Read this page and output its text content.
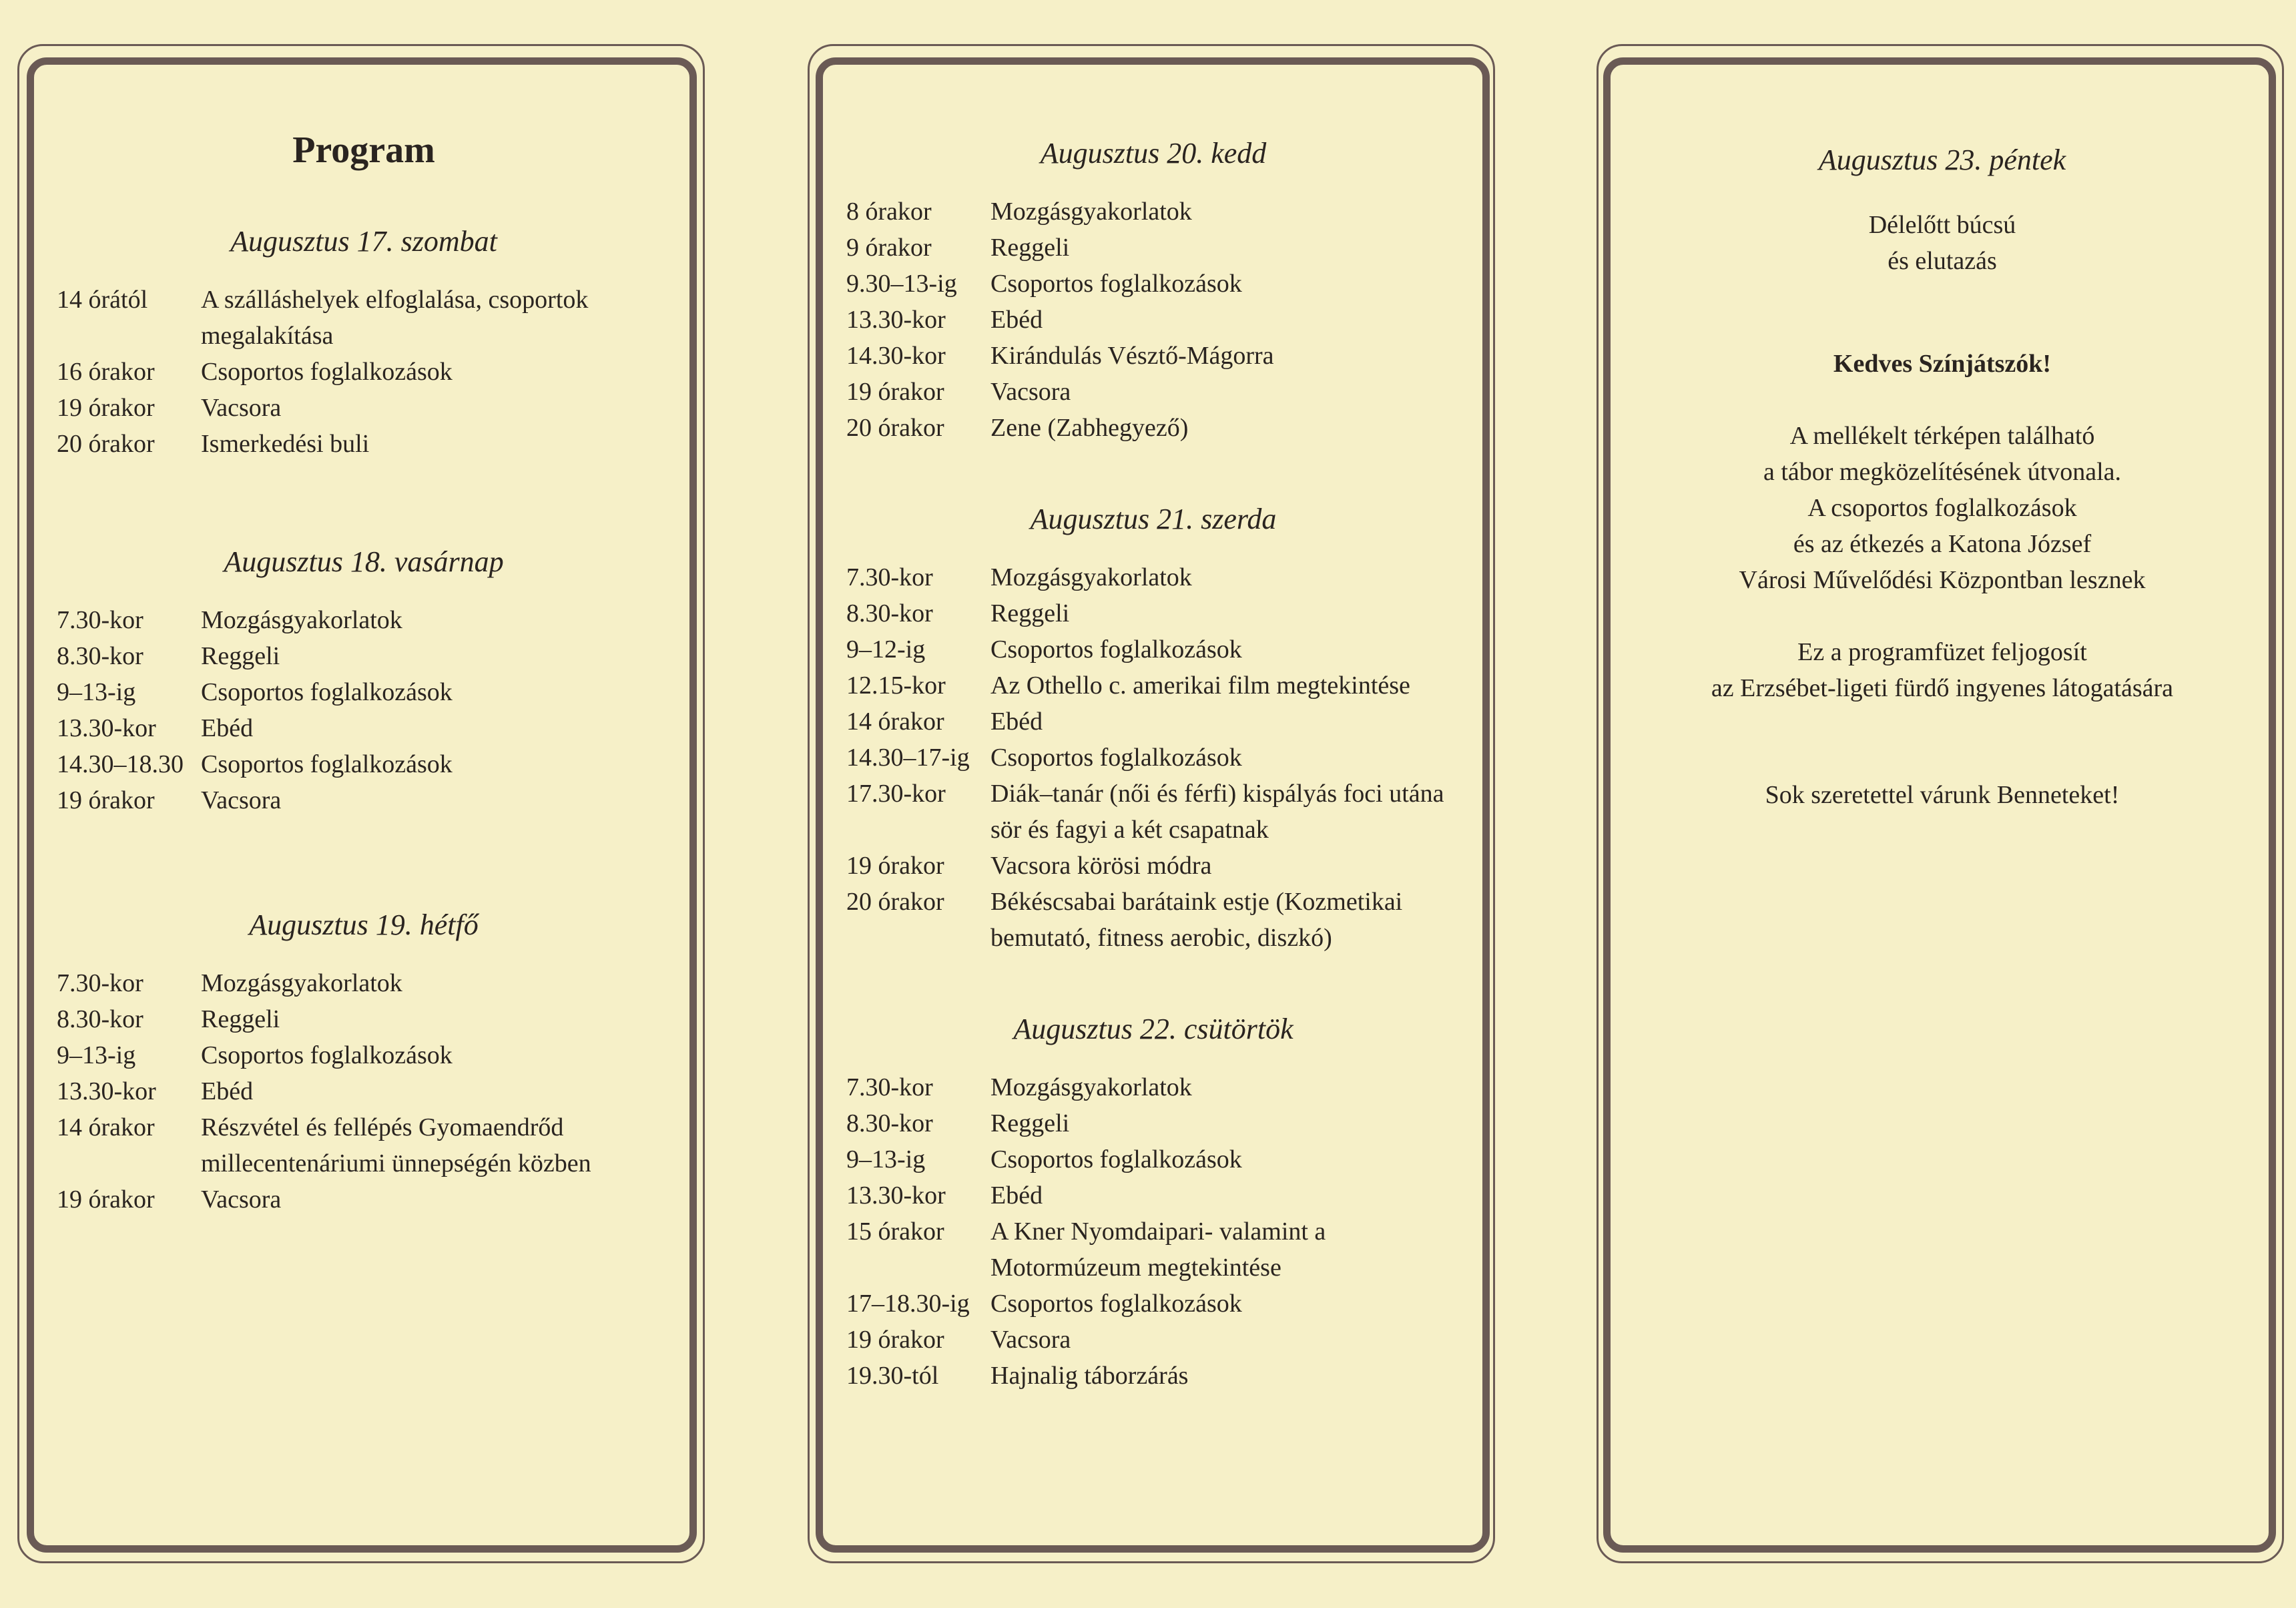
Program
Augusztus 17. szombat
14 órától	A szálláshelyek elfoglalása, csoportok megalakítása
16 órakor	Csoportos foglalkozások
19 órakor	Vacsora
20 órakor	Ismerkedési buli
Augusztus 18. vasárnap
7.30-kor	Mozgásgyakorlatok
8.30-kor	Reggeli
9–13-ig	Csoportos foglalkozások
13.30-kor	Ebéd
14.30–18.30	Csoportos foglalkozások
19 órakor	Vacsora
Augusztus 19. hétfő
7.30-kor	Mozgásgyakorlatok
8.30-kor	Reggeli
9–13-ig	Csoportos foglalkozások
13.30-kor	Ebéd
14 órakor	Részvétel és fellépés Gyomaendrőd millecentenáriumi ünnepségén közben
19 órakor	Vacsora
Augusztus 20. kedd
8 órakor	Mozgásgyakorlatok
9 órakor	Reggeli
9.30–13-ig	Csoportos foglalkozások
13.30-kor	Ebéd
14.30-kor	Kirándulás Vésztő-Mágorra
19 órakor	Vacsora
20 órakor	Zene (Zabhegyező)
Augusztus 21. szerda
7.30-kor	Mozgásgyakorlatok
8.30-kor	Reggeli
9–12-ig	Csoportos foglalkozások
12.15-kor	Az Othello c. amerikai film megtekintése
14 órakor	Ebéd
14.30–17-ig	Csoportos foglalkozások
17.30-kor	Diák–tanár (női és férfi) kispályás foci utána sör és fagyi a két csapatnak
19 órakor	Vacsora körösi módra
20 órakor	Békéscsabai barátaink estje (Kozmetikai bemutató, fitness aerobic, diszkó)
Augusztus 22. csütörtök
7.30-kor	Mozgásgyakorlatok
8.30-kor	Reggeli
9–13-ig	Csoportos foglalkozások
13.30-kor	Ebéd
15 órakor	A Kner Nyomdaipari- valamint a Motormúzeum megtekintése
17–18.30-ig	Csoportos foglalkozások
19 órakor	Vacsora
19.30-tól	Hajnalig táborzárás
Augusztus 23. péntek

Délelőtt búcsú

és elutazás

Kedves Színjátszók!

A mellékelt térképen található

a tábor megközelítésének útvonala.

A csoportos foglalkozások

és az étkezés a Katona József

Városi Művelődési Központban lesznek

Ez a programfüzet feljogosít

az Erzsébet-ligeti fürdő ingyenes látogatására

Sok szeretettel várunk Benneteket!
